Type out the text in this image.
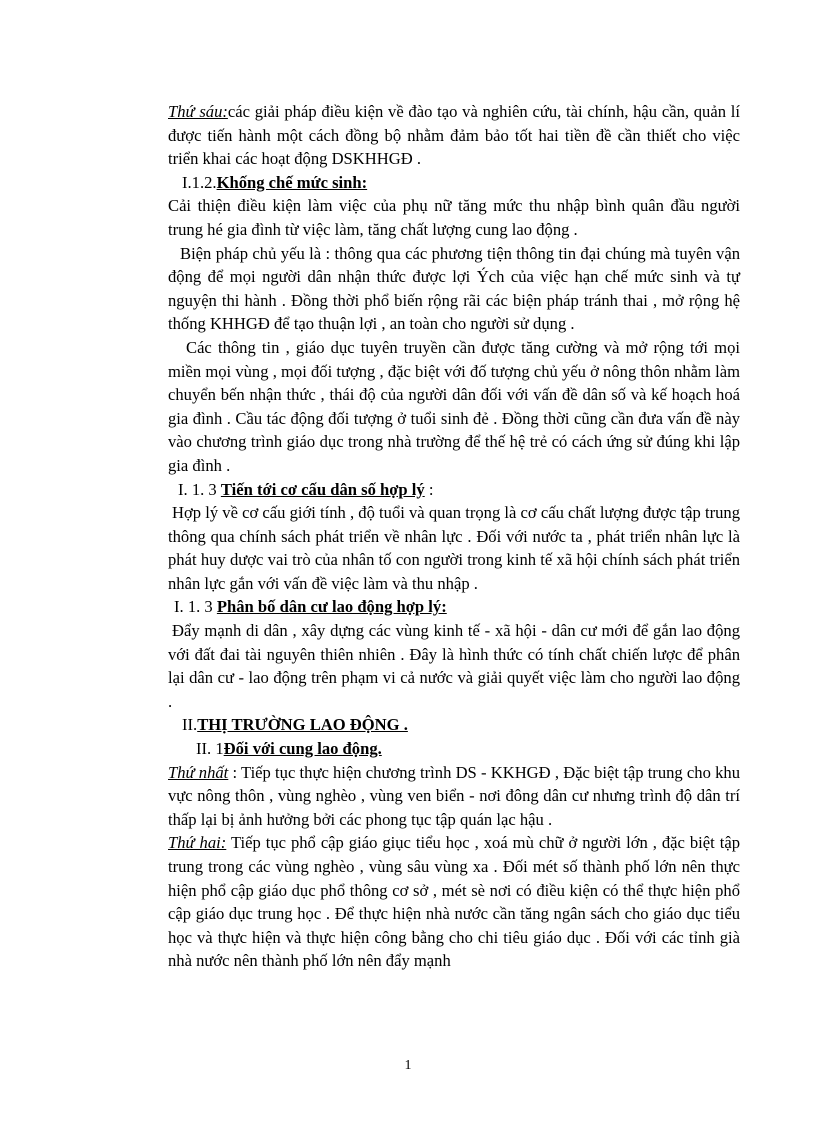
Thứ sáu:các giải pháp điều kiện về đào tạo và nghiên cứu, tài chính, hậu cần, quản lí được tiến hành một cách đồng bộ nhằm đảm bảo tốt hai tiền đề cần thiết cho việc triển khai các hoạt động DSKHHGĐ .

I.1.2.Khống chế mức sinh:

Cải thiện điều kiện làm việc của phụ nữ tăng mức thu nhập bình quân đầu người trung hé gia đình từ việc làm, tăng chất lượng cung lao động .

Biện pháp chủ yếu là : thông qua các phương tiện thông tin đại chúng mà tuyên vận động để mọi người dân nhận thức được lợi Ých của việc hạn chế mức sinh và tự nguyện thi hành . Đồng thời phổ biến rộng rãi các biện pháp tránh thai , mở rộng hệ thống KHHGĐ để tạo thuận lợi , an toàn cho người sử dụng .

Các thông tin , giáo dục tuyên truyền cần được tăng cường và mở rộng tới mọi miền mọi vùng , mọi đối tượng , đặc biệt với đố tượng chủ yếu ở nông thôn nhằm làm chuyển bến nhận thức , thái độ của người dân đối với vấn đề dân số và kế hoạch hoá gia đình . Cầu tác động đối tượng ở tuổi sinh đẻ . Đồng thời cũng cần đưa vấn đề này vào chương trình giáo dục trong nhà trường để thế hệ trẻ có cách ứng sử đúng khi lập gia đình .

I. 1. 3 Tiến tới cơ cấu dân số hợp lý :

Hợp lý về cơ cấu giới tính , độ tuổi và quan trọng là cơ cấu chất lượng được tập trung thông qua chính sách phát triển về nhân lực . Đối với nước ta , phát triển nhân lực là phát huy dược vai trò của nhân tố con người trong kinh tế xã hội chính sách phát triển nhân lực gắn với vấn đề việc làm và thu nhập .

I. 1. 3 Phân bố dân cư lao động hợp lý:

Đẩy mạnh di dân , xây dựng các vùng kinh tế - xã hội - dân cư mới để gắn lao động với đất đai tài nguyên thiên nhiên . Đây là hình thức có tính chất chiến lược để phân lại dân cư - lao động trên phạm vi cả nước và giải quyết việc làm cho người lao động .

II.THỊ TRƯỜNG LAO ĐỘNG .

II. 1Đối với cung lao động.

Thứ nhất : Tiếp tục thực hiện chương trình DS - KKHGĐ , Đặc biệt tập trung cho khu vực nông thôn , vùng nghèo , vùng ven biển - nơi đông dân cư nhưng trình độ dân trí thấp lại bị ảnh hưởng bởi các phong tục tập quán lạc hậu .

Thứ hai: Tiếp tục phổ cập giáo giục tiểu học , xoá mù chữ ở người lớn , đặc biệt tập trung trong các vùng nghèo , vùng sâu vùng xa . Đối mét số thành phố lớn nên thực hiện phổ cập giáo dục phổ thông cơ sở , mét sè nơi có điều kiện có thể thực hiện phổ cập giáo dục trung học . Để thực hiện nhà nước cần tăng ngân sách cho giáo dục tiểu học và thực hiện và thực hiện công bằng cho chi tiêu giáo dục . Đối với các tỉnh già nhà nước nên thành phố lớn nên đẩy mạnh

1
